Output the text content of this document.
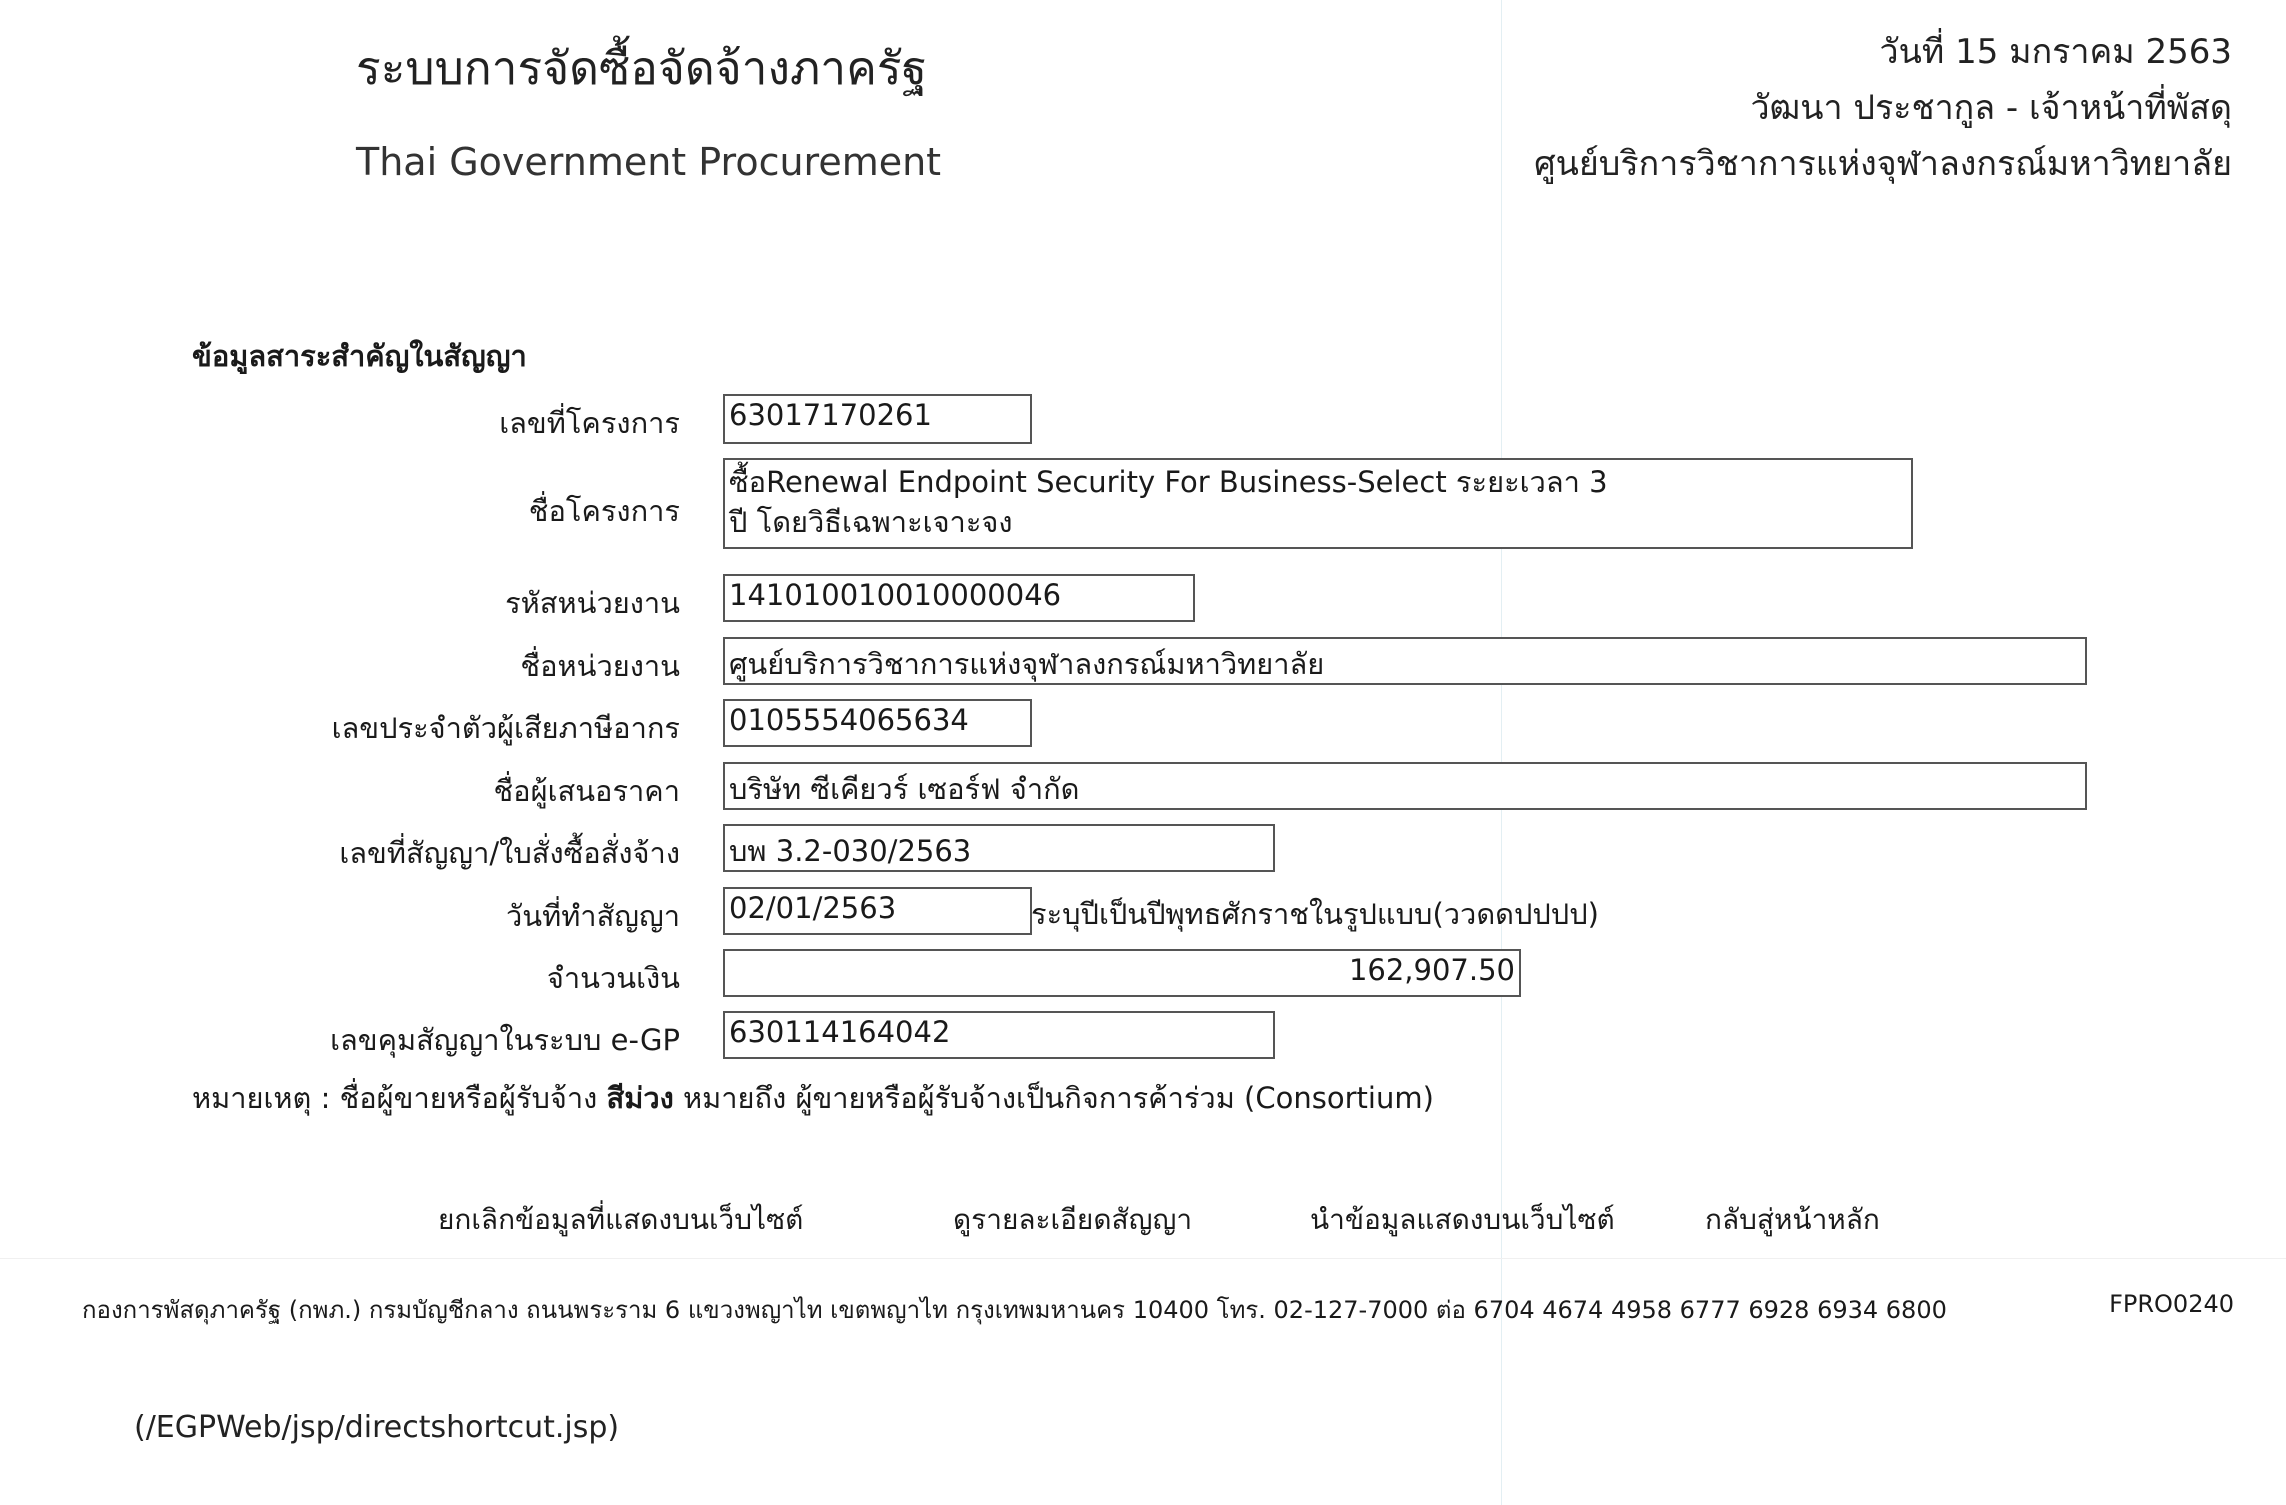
ระบบการจัดซื้อจัดจ้างภาครัฐ
Thai Government Procurement
วันที่ 15 มกราคม 2563
วัฒนา ประชากูล - เจ้าหน้าที่พัสดุ
ศูนย์บริการวิชาการแห่งจุฬาลงกรณ์มหาวิทยาลัย
ข้อมูลสาระสำคัญในสัญญา
เลขที่โครงการ 63017170261
ชื่อโครงการ
ซื้อRenewal Endpoint Security For Business-Select ระยะเวลา 3 ปี โดยวิธีเฉพาะเจาะจง
รหัสหน่วยงาน 141010010010000046
ชื่อหน่วยงาน ศูนย์บริการวิชาการแห่งจุฬาลงกรณ์มหาวิทยาลัย
เลขประจำตัวผู้เสียภาษีอากร 0105554065634
ชื่อผู้เสนอราคา บริษัท ซีเคียวร์ เซอร์ฟ จำกัด
เลขที่สัญญา/ใบสั่งซื้อสั่งจ้าง บพ 3.2-030/2563
วันที่ทำสัญญา 02/01/2563	ระบุปีเป็นปีพุทธศักราชในรูปแบบ(ววดดปปปป)
จำนวนเงิน	162,907.50
เลขคุมสัญญาในระบบ e-GP 630114164042
หมายเหตุ : ชื่อผู้ขายหรือผู้รับจ้าง สีม่วง หมายถึง ผู้ขายหรือผู้รับจ้างเป็นกิจการค้าร่วม (Consortium)
ยกเลิกข้อมูลที่แสดงบนเว็บไซต์	ดูรายละเอียดสัญญา	นำข้อมูลแสดงบนเว็บไซต์	กลับสู่หน้าหลัก
กองการพัสดุภาครัฐ (กพภ.) กรมบัญชีกลาง ถนนพระราม 6 แขวงพญาไท เขตพญาไท กรุงเทพมหานคร 10400 โทร. 02-127-7000 ต่อ 6704 4674 4958 6777 6928 6934 6800	FPRO0240
(/EGPWeb/jsp/directshortcut.jsp)
